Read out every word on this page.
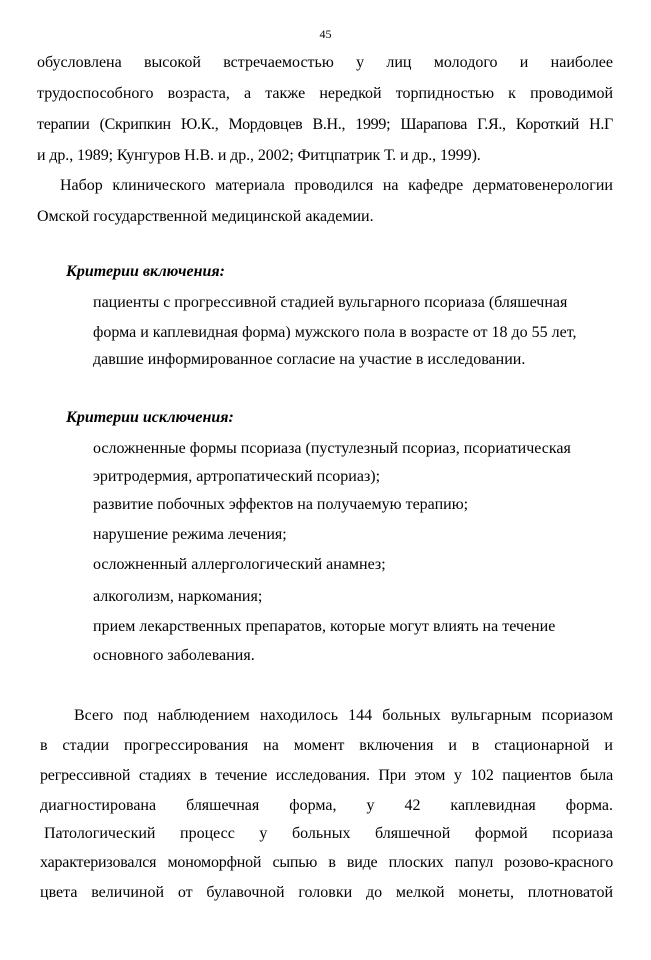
45
обусловлена высокой встречаемостью у лиц молодого и наиболее
трудоспособного возраста, а также нередкой торпидностью к проводимой
терапии (Скрипкин Ю.К., Мордовцев В.Н., 1999; Шарапова Г.Я., Короткий Н.Г
и др., 1989; Кунгуров Н.В. и др., 2002; Фитцпатрик Т. и др., 1999).
Набор клинического материала проводился на кафедре дерматовенерологии
Омской государственной медицинской академии.
Критерии включения:
пациенты с прогрессивной стадией вульгарного псориаза (бляшечная
форма и каплевидная форма) мужского пола в возрасте от 18 до 55 лет,
давшие информированное согласие на участие в исследовании.
Критерии исключения:
осложненные формы псориаза (пустулезный псориаз, псориатическая
эритродермия, артропатический псориаз);
развитие побочных эффектов на получаемую терапию;
нарушение режима лечения;
осложненный аллергологический анамнез;
алкоголизм, наркомания;
прием лекарственных препаратов, которые могут влиять на течение
основного заболевания.
Всего под наблюдением находилось 144 больных вульгарным псориазом
в стадии прогрессирования на момент включения и в стационарной и
регрессивной стадиях в течение исследования. При этом у 102 пациентов была
диагностирована бляшечная форма, у 42 каплевидная форма.
Патологический процесс у больных бляшечной формой псориаза
характеризовался мономорфной сыпью в виде плоских папул розово-красного
цвета величиной от булавочной головки до мелкой монеты, плотноватой
